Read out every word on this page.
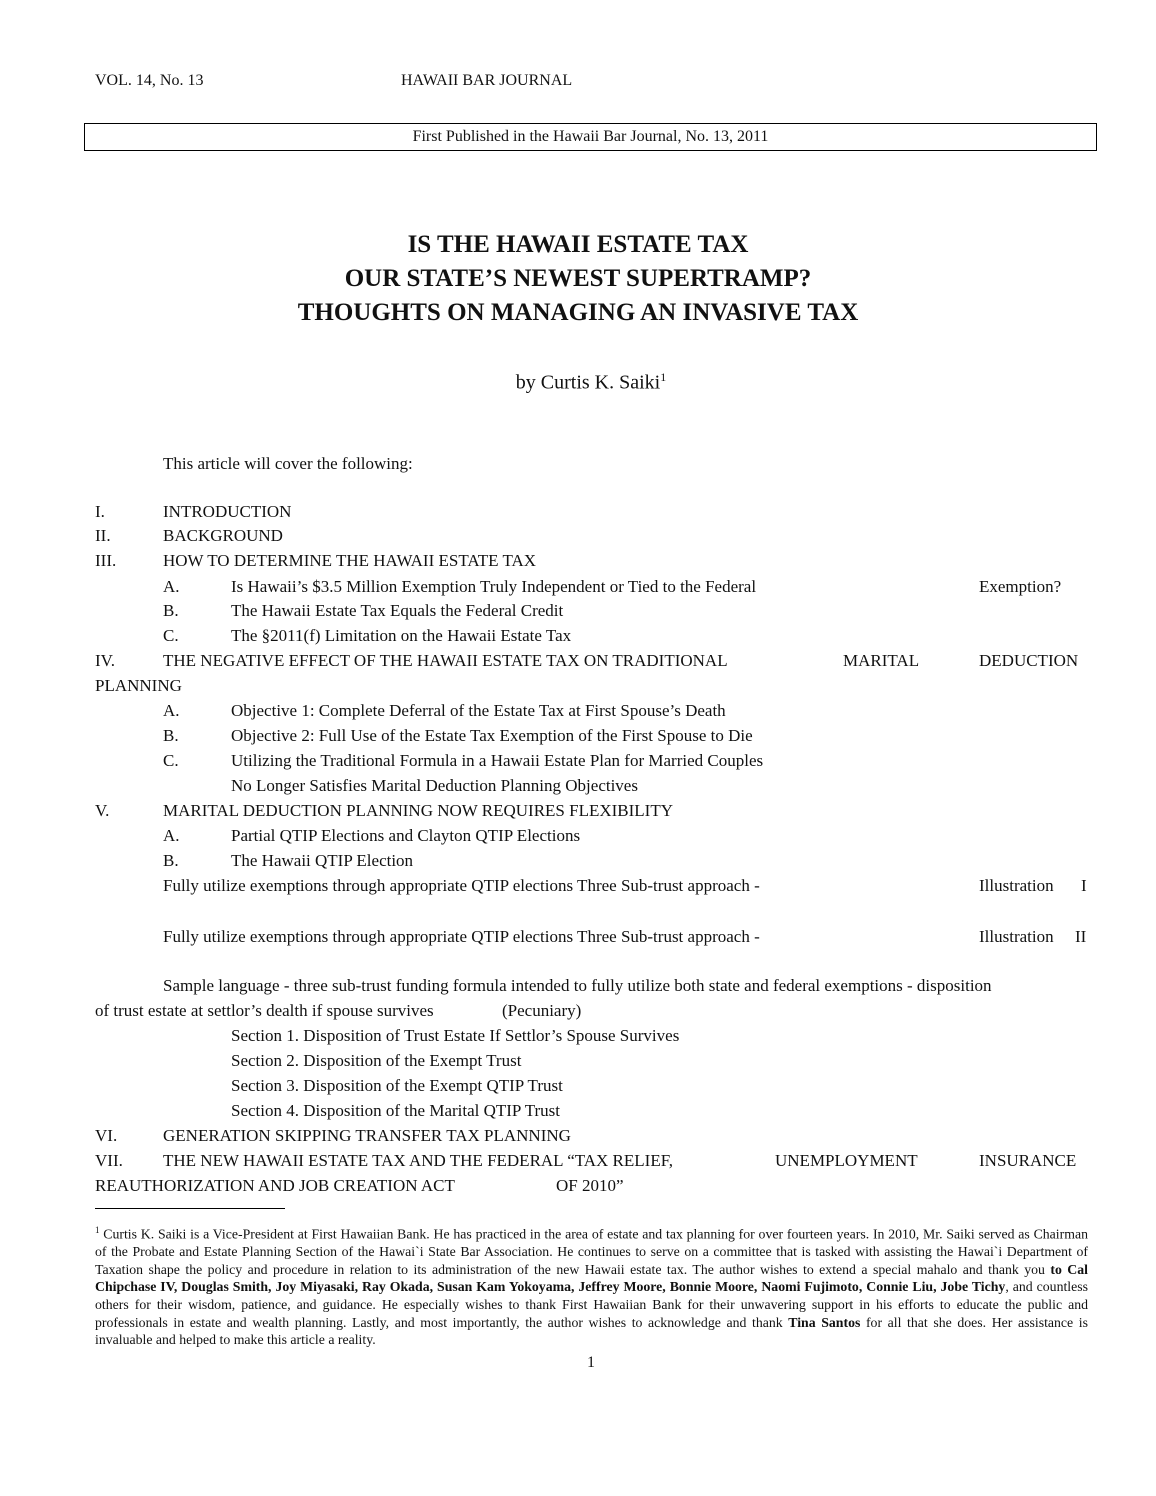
VOL. 14, No. 13	HAWAII BAR JOURNAL
First Published in the Hawaii Bar Journal, No. 13, 2011
IS THE HAWAII ESTATE TAX
OUR STATE’S NEWEST SUPERTRAMP?
THOUGHTS ON MANAGING AN INVASIVE TAX
by Curtis K. Saiki$^1$
This article will cover the following:
I.	INTRODUCTION
II.	BACKGROUND
III.	HOW TO DETERMINE THE HAWAII ESTATE TAX
A.	Is Hawaii’s $3.5 Million Exemption Truly Independent or Tied to the Federal	Exemption?
B.	The Hawaii Estate Tax Equals the Federal Credit
C.	The §2011(f) Limitation on the Hawaii Estate Tax
IV.	THE NEGATIVE EFFECT OF THE HAWAII ESTATE TAX ON TRADITIONAL	MARITAL	DEDUCTION
PLANNING
A.	Objective 1: Complete Deferral of the Estate Tax at First Spouse’s Death
B.	Objective 2: Full Use of the Estate Tax Exemption of the First Spouse to Die
C.	Utilizing the Traditional Formula in a Hawaii Estate Plan for Married Couples
No Longer Satisfies Marital Deduction Planning Objectives
V.	MARITAL DEDUCTION PLANNING NOW REQUIRES FLEXIBILITY
A.	Partial QTIP Elections and Clayton QTIP Elections
B.	The Hawaii QTIP Election
Fully utilize exemptions through appropriate QTIP elections Three Sub-trust approach -	Illustration I
Fully utilize exemptions through appropriate QTIP elections Three Sub-trust approach -	Illustration II
Sample language - three sub-trust funding formula intended to fully utilize both state and federal exemptions - disposition
of trust estate at settlor’s dealth if spouse survives	(Pecuniary)
Section 1. Disposition of Trust Estate If Settlor’s Spouse Survives
Section 2. Disposition of the Exempt Trust
Section 3. Disposition of the Exempt QTIP Trust
Section 4. Disposition of the Marital QTIP Trust
VI.	GENERATION SKIPPING TRANSFER TAX PLANNING
VII. THE NEW HAWAII ESTATE TAX AND THE FEDERAL “TAX RELIEF,	UNEMPLOYMENT	INSURANCE
REAUTHORIZATION AND JOB CREATION ACT	OF 2010”
$^1$ Curtis K. Saiki is a Vice-President at First Hawaiian Bank. He has practiced in the area of estate and tax planning for over fourteen years. In 2010, Mr. Saiki served as Chairman of the Probate and Estate Planning Section of the Hawai`i State Bar Association. He continues to serve on a committee that is tasked with assisting the Hawai`i Department of Taxation shape the policy and procedure in relation to its administration of the new Hawaii estate tax. The author wishes to extend a special mahalo and thank you to Cal Chipchase IV, Douglas Smith, Joy Miyasaki, Ray Okada, Susan Kam Yokoyama, Jeffrey Moore, Bonnie Moore, Naomi Fujimoto, Connie Liu, Jobe Tichy, and countless others for their wisdom, patience, and guidance. He especially wishes to thank First Hawaiian Bank for their unwavering support in his efforts to educate the public and professionals in estate and wealth planning. Lastly, and most importantly, the author wishes to acknowledge and thank Tina Santos for all that she does. Her assistance is invaluable and helped to make this article a reality.
1
